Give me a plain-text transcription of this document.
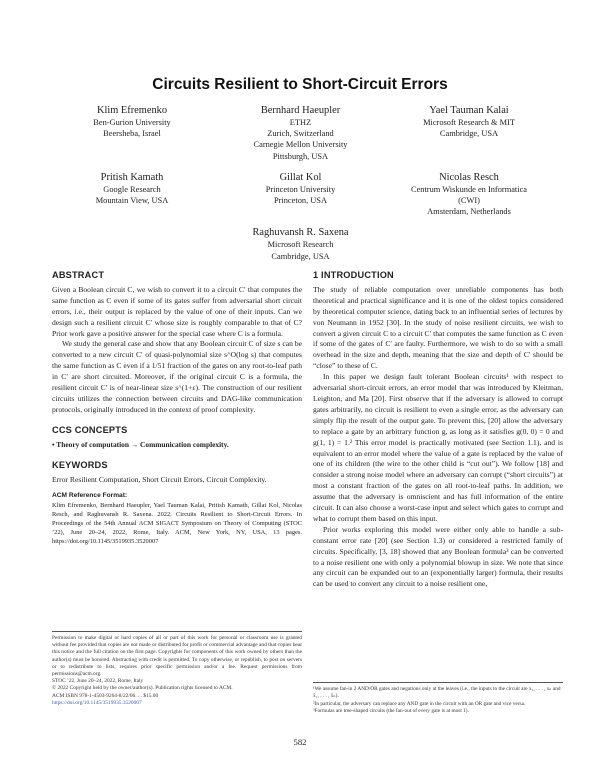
Circuits Resilient to Short-Circuit Errors
Klim Efremenko
Ben-Gurion University
Beersheba, Israel
Bernhard Haeupler
ETHZ
Zurich, Switzerland
Carnegie Mellon University
Pittsburgh, USA
Yael Tauman Kalai
Microsoft Research & MIT
Cambridge, USA
Pritish Kamath
Google Research
Mountain View, USA
Gillat Kol
Princeton University
Princeton, USA
Nicolas Resch
Centrum Wiskunde en Informatica
(CWI)
Amsterdam, Netherlands
Raghuvansh R. Saxena
Microsoft Research
Cambridge, USA
ABSTRACT

Given a Boolean circuit C, we wish to convert it to a circuit C′ that computes the same function as C even if some of its gates suffer from adversarial short circuit errors, i.e., their output is replaced by the value of one of their inputs. Can we design such a resilient circuit C′ whose size is roughly comparable to that of C? Prior work gave a positive answer for the special case where C is a formula.

We study the general case and show that any Boolean circuit C of size s can be converted to a new circuit C′ of quasi-polynomial size s^O(log s) that computes the same function as C even if a 1/51 fraction of the gates on any root-to-leaf path in C′ are short circuited. Moreover, if the original circuit C is a formula, the resilient circuit C′ is of near-linear size s^(1+ε). The construction of our resilient circuits utilizes the connection between circuits and DAG-like communication protocols, originally introduced in the context of proof complexity.

CCS CONCEPTS

• Theory of computation → Communication complexity.

KEYWORDS

Error Resilient Computation, Short Circuit Errors, Circuit Complexity.

ACM Reference Format:

Klim Efremenko, Bernhard Haeupler, Yael Tauman Kalai, Pritish Kamath, Gillat Kol, Nicolas Resch, and Raghuvansh R. Saxena. 2022. Circuits Resilient to Short-Circuit Errors. In Proceedings of the 54th Annual ACM SIGACT Symposium on Theory of Computing (STOC ’22), June 20–24, 2022, Rome, Italy. ACM, New York, NY, USA, 13 pages. https://doi.org/10.1145/3519935.3520007

Permission to make digital or hard copies of all or part of this work for personal or classroom use is granted without fee provided that copies are not made or distributed for profit or commercial advantage and that copies bear this notice and the full citation on the first page. Copyrights for components of this work owned by others than the author(s) must be honored. Abstracting with credit is permitted. To copy otherwise, or republish, to post on servers or to redistribute to lists, requires prior specific permission and/or a fee. Request permissions from permissions@acm.org.
STOC ’22, June 20–24, 2022, Rome, Italy
© 2022 Copyright held by the owner/author(s). Publication rights licensed to ACM.
ACM ISBN 978-1-4503-9264-8/22/06. . . $15.00
https://doi.org/10.1145/3519935.3520007
1 INTRODUCTION

The study of reliable computation over unreliable components has both theoretical and practical significance and it is one of the oldest topics considered by theoretical computer science, dating back to an influential series of lectures by von Neumann in 1952 [30]. In the study of noise resilient circuits, we wish to convert a given circuit C to a circuit C′ that computes the same function as C even if some of the gates of C′ are faulty. Furthermore, we wish to do so with a small overhead in the size and depth, meaning that the size and depth of C′ should be “close” to these of C.

In this paper we design fault tolerant Boolean circuits¹ with respect to adversarial short-circuit errors, an error model that was introduced by Kleitman, Leighton, and Ma [20]. First observe that if the adversary is allowed to corrupt gates arbitrarily, no circuit is resilient to even a single error, as the adversary can simply flip the result of the output gate. To prevent this, [20] allow the adversary to replace a gate by an arbitrary function g, as long as it satisfies g(0, 0) = 0 and g(1, 1) = 1.² This error model is practically motivated (see Section 1.1), and is equivalent to an error model where the value of a gate is replaced by the value of one of its children (the wire to the other child is “cut out”). We follow [18] and consider a strong noise model where an adversary can corrupt (“short circuits”) at most a constant fraction of the gates on all root-to-leaf paths. In addition, we assume that the adversary is omniscient and has full information of the entire circuit. It can also choose a worst-case input and select which gates to corrupt and what to corrupt them based on this input.

Prior works exploring this model were either only able to handle a sub-constant error rate [20] (see Section 1.3) or considered a restricted family of circuits. Specifically, [3, 18] showed that any Boolean formula³ can be converted to a noise resilient one with only a polynomial blowup in size. We note that since any circuit can be expanded out to an (exponentially larger) formula, their results can be used to convert any circuit to a noise resilient one,

¹We assume fan-in 2 AND/OR gates and negations only at the leaves (i.e., the inputs to the circuit are x₁, . . . , xₙ and x̄₁, . . . , x̄ₙ).
²In particular, the adversary can replace any AND gate in the circuit with an OR gate and vice versa.
³Formulas are tree-shaped circuits (the fan-out of every gate is at most 1).
582
